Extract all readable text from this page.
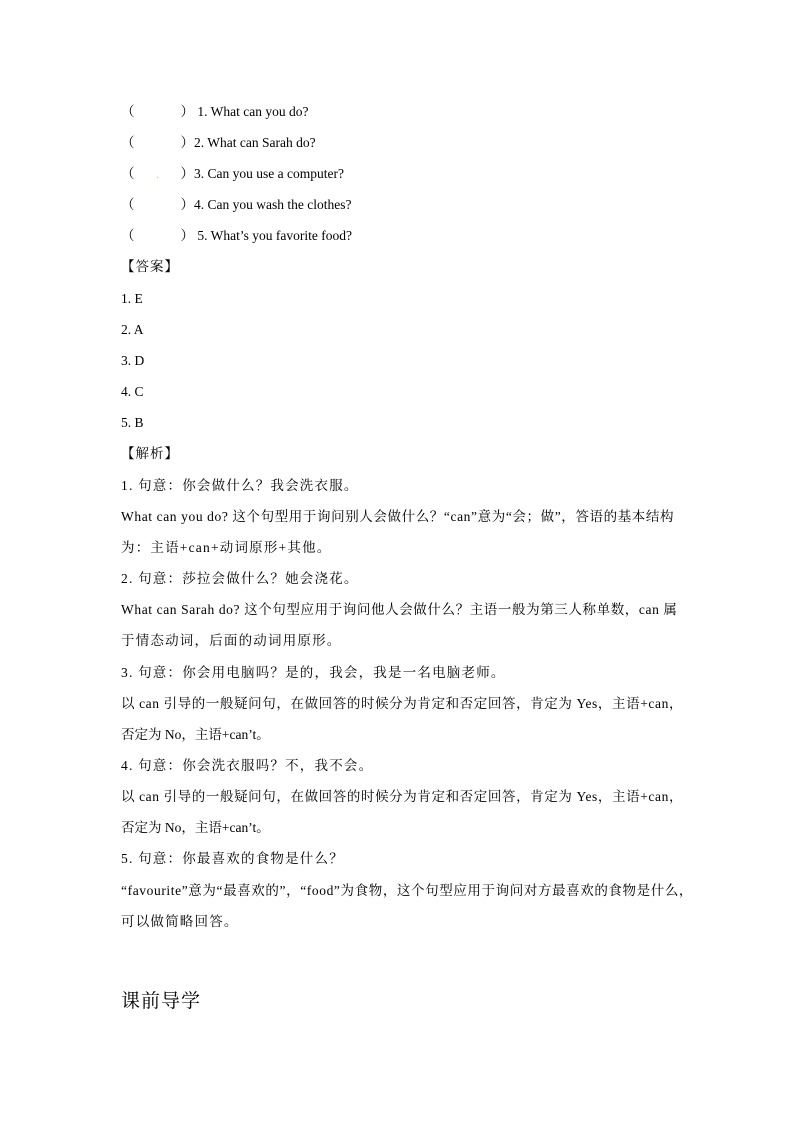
（	） 1. What can you do?
（	）2. What can Sarah do?
（ . ）3. Can you use a computer?
（	）4. Can you wash the clothes?
（	） 5. What’s you favorite food?
【答案】
1. E
2. A
3. D
4. C
5. B
【解析】
1. 句意：你会做什么？我会洗衣服。
What can you do? 这个句型用于询问别人会做什么？“can”意为“会；做”，答语的基本结构
为：主语+can+动词原形+其他。
2. 句意：莎拉会做什么？她会浇花。
What can Sarah do? 这个句型应用于询问他人会做什么？主语一般为第三人称单数，can 属
于情态动词，后面的动词用原形。
3. 句意：你会用电脑吗？是的，我会，我是一名电脑老师。
以 can 引导的一般疑问句，在做回答的时候分为肯定和否定回答，肯定为 Yes，主语+can，
否定为 No，主语+can’t。
4. 句意：你会洗衣服吗？不，我不会。
以 can 引导的一般疑问句，在做回答的时候分为肯定和否定回答，肯定为 Yes，主语+can，
否定为 No，主语+can’t。
5. 句意：你最喜欢的食物是什么？
“favourite”意为“最喜欢的”，“food”为食物，这个句型应用于询问对方最喜欢的食物是什么，
可以做简略回答。
课前导学
